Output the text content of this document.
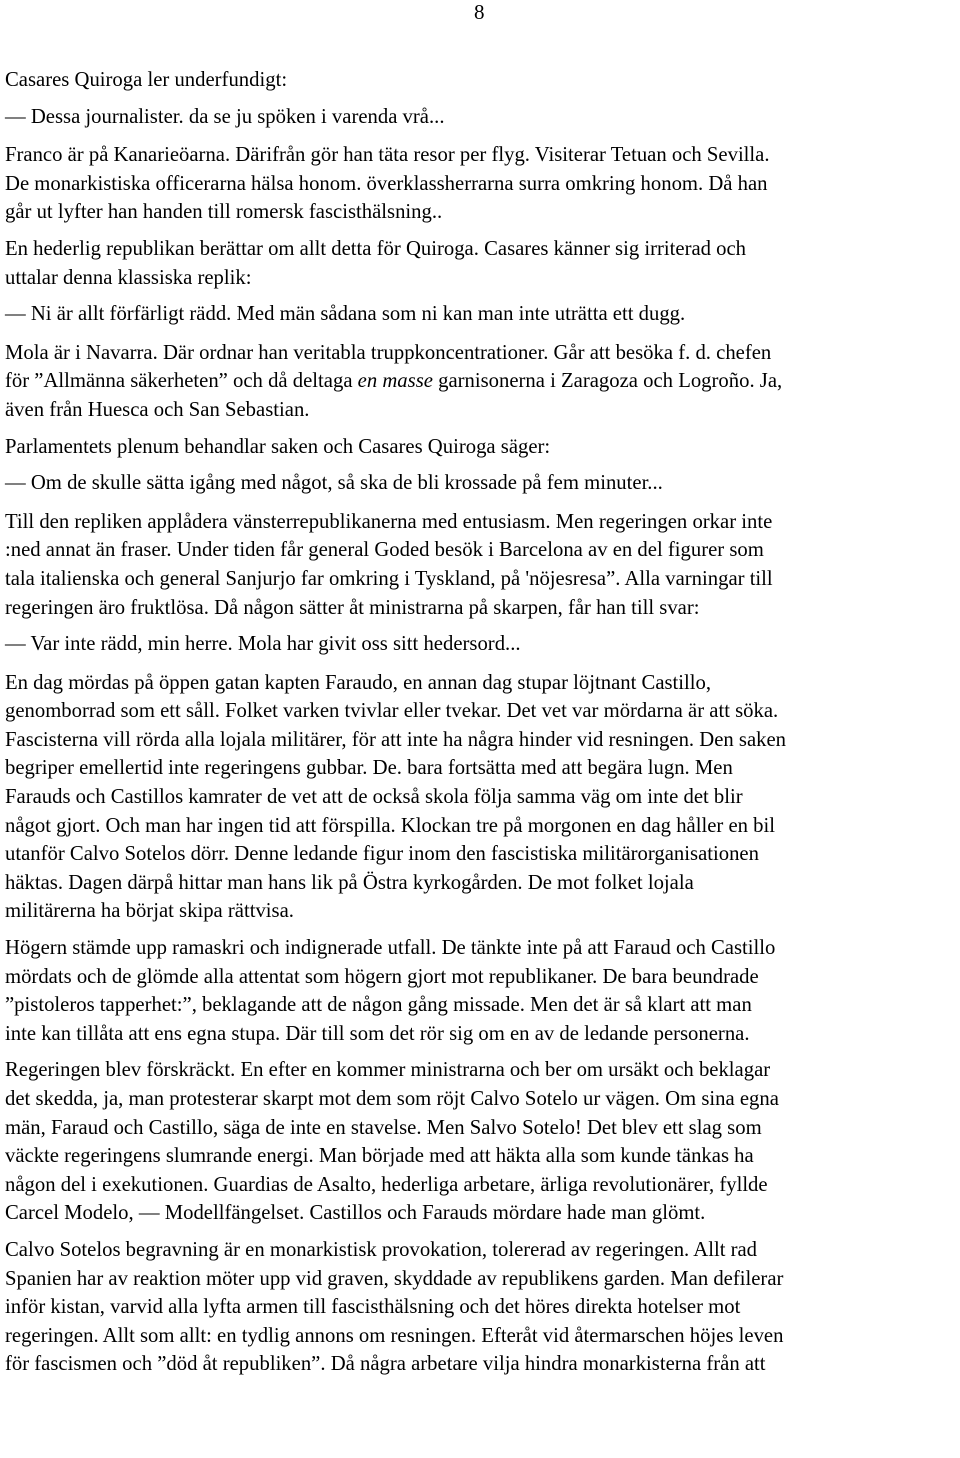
8

Casares Quiroga ler underfundigt:

— Dessa journalister. da se ju spöken i varenda vrå...

Franco är på Kanarieöarna. Därifrån gör han täta resor per flyg. Visiterar Tetuan och Sevilla.
De monarkistiska officerarna hälsa honom. överklassherrarna surra omkring honom. Då han
går ut lyfter han handen till romersk fascisthälsning..

En hederlig republikan berättar om allt detta för Quiroga. Casares känner sig irriterad och
uttalar denna klassiska replik:

— Ni är allt förfärligt rädd. Med män sådana som ni kan man inte uträtta ett dugg.

Mola är i Navarra. Där ordnar han veritabla truppkoncentrationer. Går att besöka f. d. chefen
för ”Allmänna säkerheten” och då deltaga en masse garnisonerna i Zaragoza och Logroño. Ja,
även från Huesca och San Sebastian.

Parlamentets plenum behandlar saken och Casares Quiroga säger:

— Om de skulle sätta igång med något, så ska de bli krossade på fem minuter...

Till den repliken applådera vänsterrepublikanerna med entusiasm. Men regeringen orkar inte
:ned annat än fraser. Under tiden får general Goded besök i Barcelona av en del figurer som
tala italienska och general Sanjurjo far omkring i Tyskland, på 'nöjesresa”. Alla varningar till
regeringen äro fruktlösa. Då någon sätter åt ministrarna på skarpen, får han till svar:

— Var inte rädd, min herre. Mola har givit oss sitt hedersord...

En dag mördas på öppen gatan kapten Faraudo, en annan dag stupar löjtnant Castillo,
genomborrad som ett såll. Folket varken tvivlar eller tvekar. Det vet var mördarna är att söka.
Fascisterna vill rörda alla lojala militärer, för att inte ha några hinder vid resningen. Den saken
begriper emellertid inte regeringens gubbar. De. bara fortsätta med att begära lugn. Men
Farauds och Castillos kamrater de vet att de också skola följa samma väg om inte det blir
något gjort. Och man har ingen tid att förspilla. Klockan tre på morgonen en dag håller en bil
utanför Calvo Sotelos dörr. Denne ledande figur inom den fascistiska militärorganisationen
häktas. Dagen därpå hittar man hans lik på Östra kyrkogården. De mot folket lojala
militärerna ha börjat skipa rättvisa.

Högern stämde upp ramaskri och indignerade utfall. De tänkte inte på att Faraud och Castillo
mördats och de glömde alla attentat som högern gjort mot republikaner. De bara beundrade
”pistoleros tapperhet:”, beklagande att de någon gång missade. Men det är så klart att man
inte kan tillåta att ens egna stupa. Där till som det rör sig om en av de ledande personerna.

Regeringen blev förskräckt. En efter en kommer ministrarna och ber om ursäkt och beklagar
det skedda, ja, man protesterar skarpt mot dem som röjt Calvo Sotelo ur vägen. Om sina egna
män, Faraud och Castillo, säga de inte en stavelse. Men Salvo Sotelo! Det blev ett slag som
väckte regeringens slumrande energi. Man började med att häkta alla som kunde tänkas ha
någon del i exekutionen. Guardias de Asalto, hederliga arbetare, ärliga revolutionärer, fyllde
Carcel Modelo, — Modellfängelset. Castillos och Farauds mördare hade man glömt.

Calvo Sotelos begravning är en monarkistisk provokation, tolererad av regeringen. Allt rad
Spanien har av reaktion möter upp vid graven, skyddade av republikens garden. Man defilerar
inför kistan, varvid alla lyfta armen till fascisthälsning och det höres direkta hotelser mot
regeringen. Allt som allt: en tydlig annons om resningen. Efteråt vid återmarschen höjes leven
för fascismen och ”död åt republiken”. Då några arbetare vilja hindra monarkisterna från att
